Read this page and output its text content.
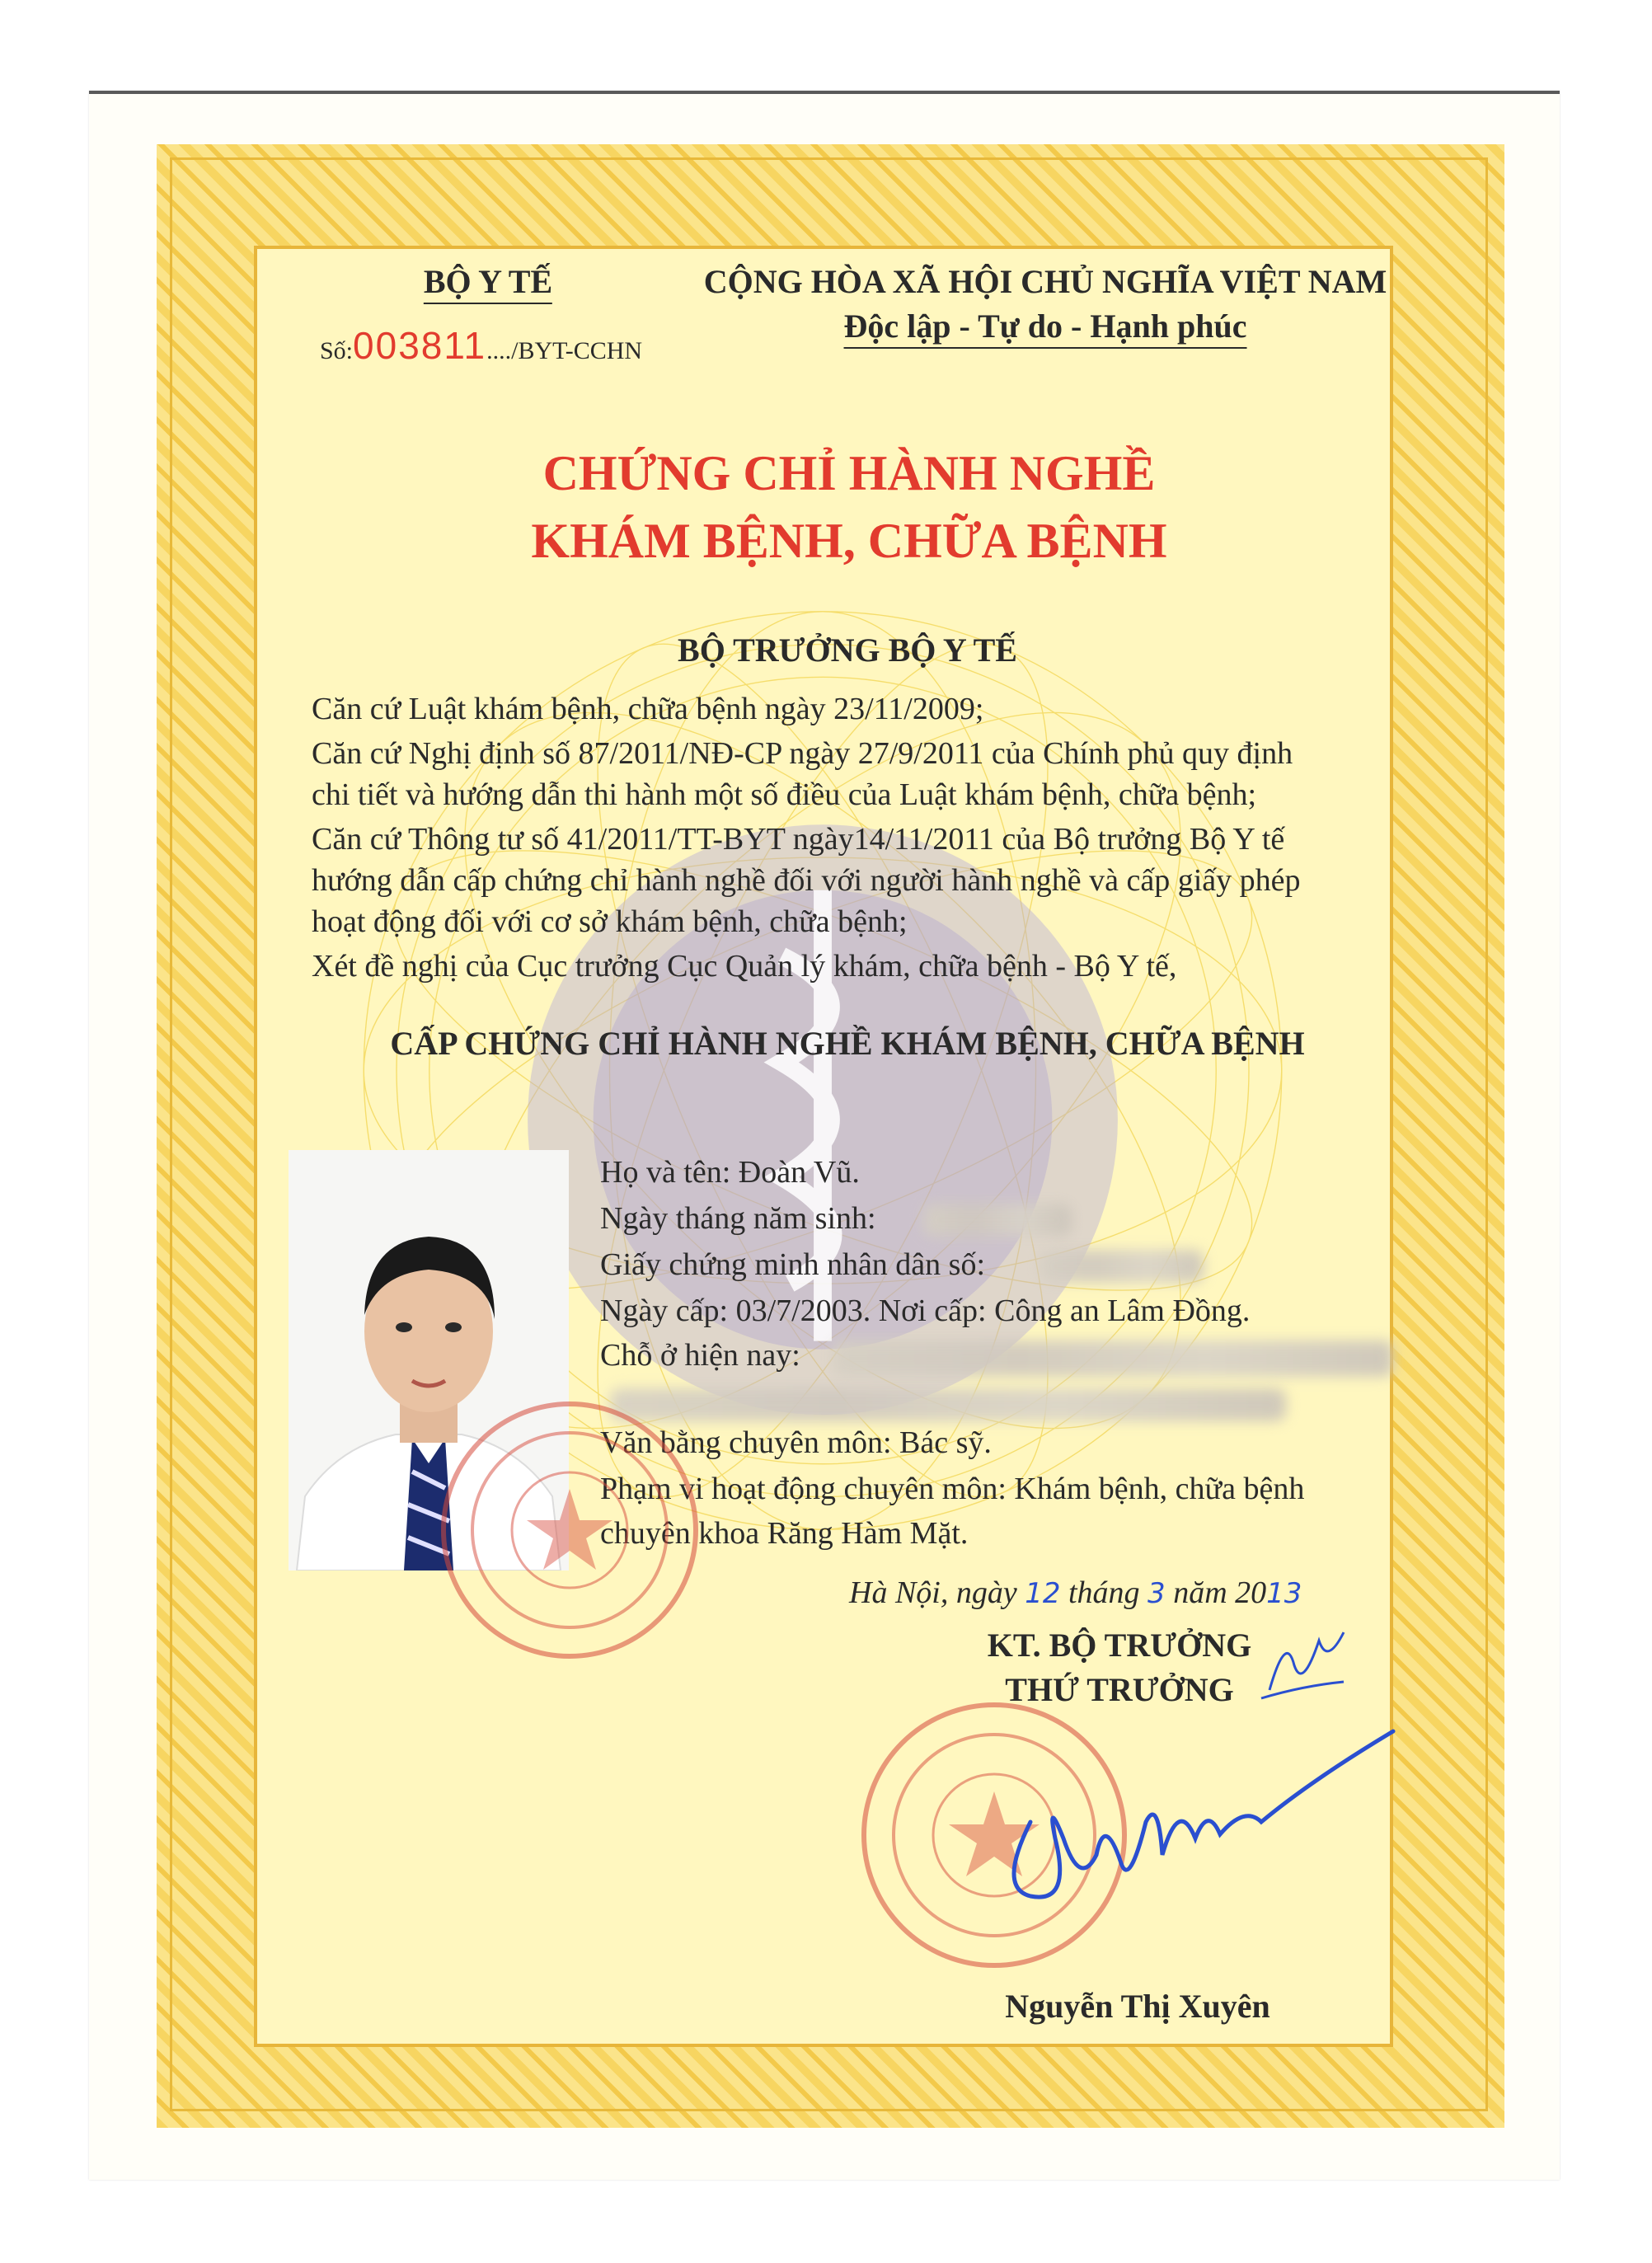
BỘ Y TẾ
Số:003811..../BYT-CCHN
CỘNG HÒA XÃ HỘI CHỦ NGHĨA VIỆT NAM
Độc lập - Tự do - Hạnh phúc
CHỨNG CHỈ HÀNH NGHỀ
KHÁM BỆNH, CHỮA BỆNH
BỘ TRƯỞNG BỘ Y TẾ
Căn cứ Luật khám bệnh, chữa bệnh ngày 23/11/2009;
Căn cứ Nghị định số 87/2011/NĐ-CP ngày 27/9/2011 của Chính phủ quy định
chi tiết và hướng dẫn thi hành một số điều của Luật khám bệnh, chữa bệnh;
Căn cứ Thông tư số 41/2011/TT-BYT ngày14/11/2011 của Bộ trưởng Bộ Y tế
hướng dẫn cấp chứng chỉ hành nghề đối với người hành nghề và cấp giấy phép
hoạt động đối với cơ sở khám bệnh, chữa bệnh;
Xét đề nghị của Cục trưởng Cục Quản lý khám, chữa bệnh - Bộ Y tế,
CẤP CHỨNG CHỈ HÀNH NGHỀ KHÁM BỆNH, CHỮA BỆNH
Họ và tên: Đoàn Vũ.
Ngày tháng năm sinh:
Giấy chứng minh nhân dân số:
Ngày cấp: 03/7/2003. Nơi cấp: Công an Lâm Đồng.
Chỗ ở hiện nay:
Văn bằng chuyên môn: Bác sỹ.
Phạm vi hoạt động chuyên môn: Khám bệnh, chữa bệnh
chuyên khoa Răng Hàm Mặt.
Hà Nội, ngày 12 tháng 3 năm 2013
KT. BỘ TRƯỞNG
THỨ TRƯỞNG
Nguyễn Thị Xuyên
